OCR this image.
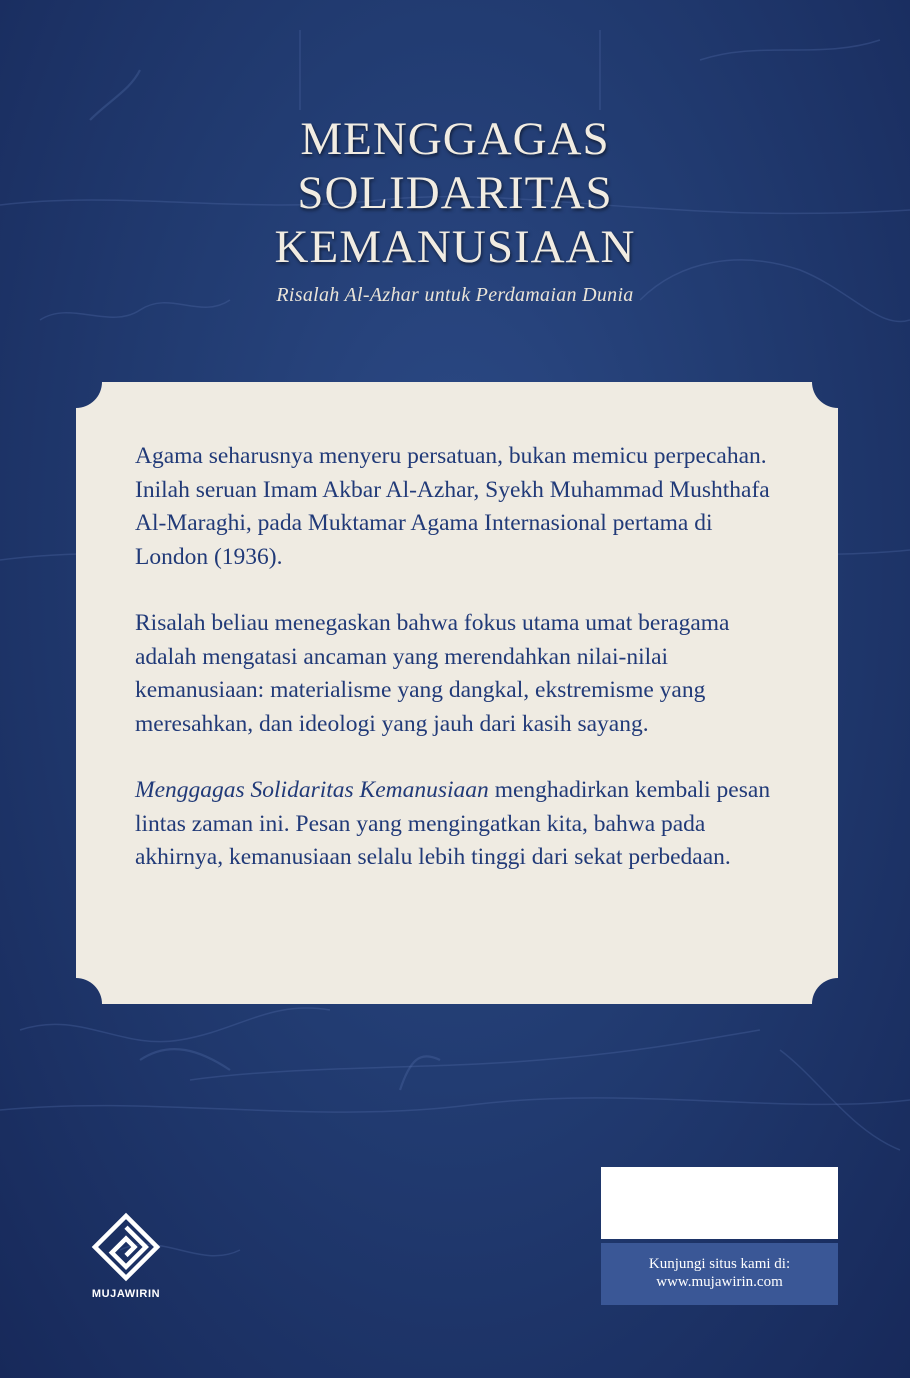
MENGGAGAS
SOLIDARITAS
KEMANUSIAAN
Risalah Al-Azhar untuk Perdamaian Dunia

Agama seharusnya menyeru persatuan, bukan memicu perpecahan. Inilah seruan Imam Akbar Al-Azhar, Syekh Muhammad Mushthafa Al-Maraghi, pada Muktamar Agama Internasional pertama di London (1936).

Risalah beliau menegaskan bahwa fokus utama umat beragama adalah mengatasi ancaman yang merendahkan nilai-nilai kemanusiaan: materialisme yang dangkal, ekstremisme yang meresahkan, dan ideologi yang jauh dari kasih sayang.

Menggagas Solidaritas Kemanusiaan menghadirkan kembali pesan lintas zaman ini. Pesan yang mengingatkan kita, bahwa pada akhirnya, kemanusiaan selalu lebih tinggi dari sekat perbedaan.

MUJAWIRIN
Kunjungi situs kami di:
www.mujawirin.com
